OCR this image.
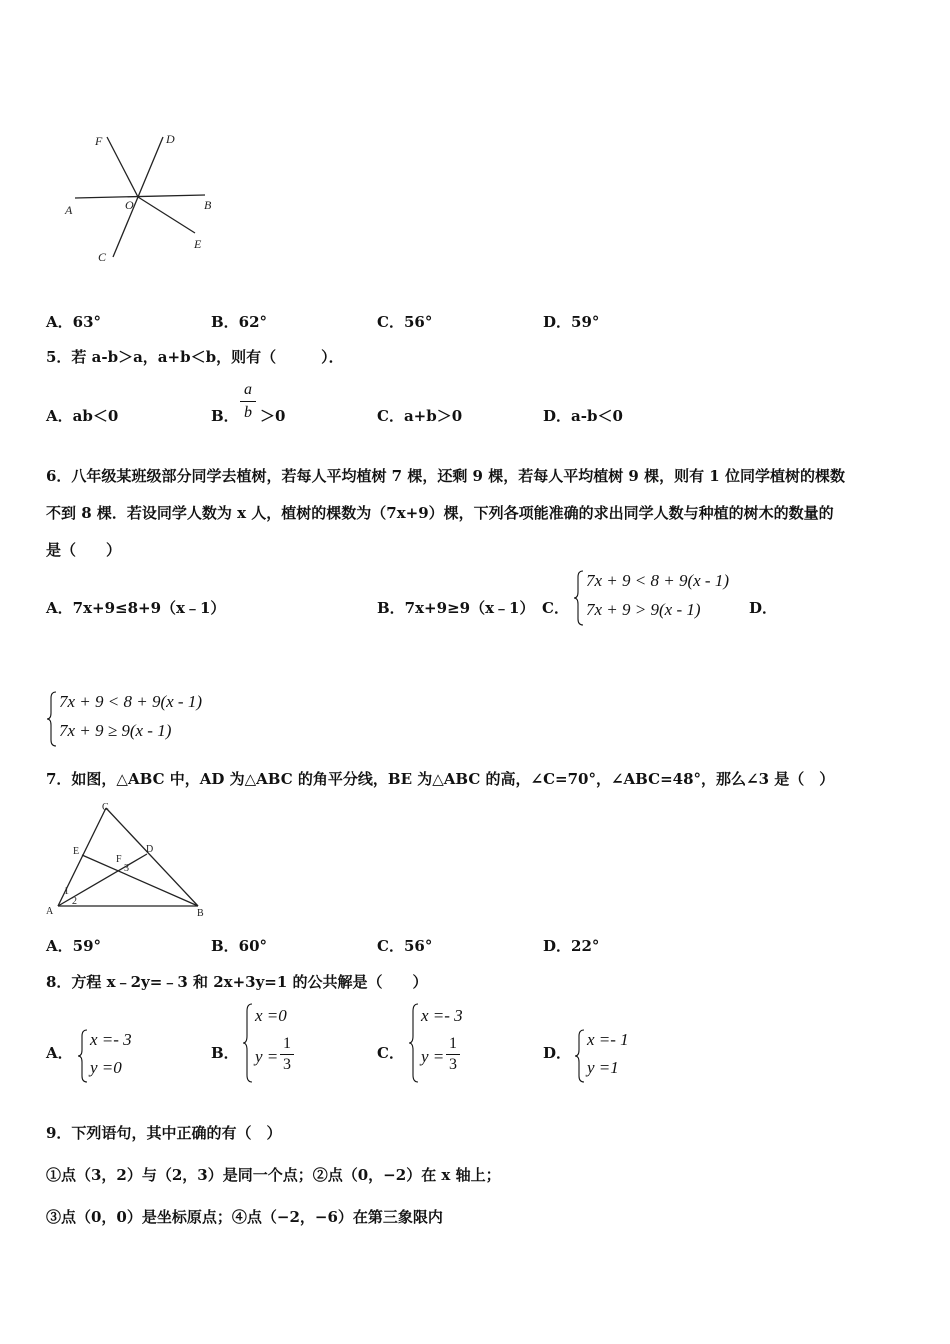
F	D
A	O	B
C
E
A．63°	B．62°	C．56°	D．59°
5．若 a-b＞a，a+b＜b，则有（　　　）．
A．ab＜0	B．
a
b ＞0	C．a+b＞0	D．a-b＜0
6．八年级某班级部分同学去植树，若每人平均植树 7 棵，还剩 9 棵，若每人平均植树 9 棵，则有 1 位同学植树的棵数
不到 8 棵．若设同学人数为 x 人，植树的棵数为（7x+9）棵，下列各项能准确的求出同学人数与种植的树木的数量的
是（　　）
A．7x+9≤8+9（x﹣1）	B．7x+9≥9（x﹣1） C．
7x + 9 < 8 + 9(x - 1)
7x + 9 > 9(x - 1)	D．
7x + 9 < 8 + 9(x - 1)
7x + 9 ≥ 9(x - 1)
7．如图，△ABC 中，AD 为△ABC 的角平分线，BE 为△ABC 的高，∠C=70°，∠ABC=48°，那么∠3 是（　）
C
E	D
F
3
1
2
A	B
A．59°	B．60°	C．56°	D．22°
8．方程 x﹣2y=﹣3 和 2x+3y=1 的公共解是（　　）
A．
x =- 3
y =0
B．
x =0
y =
1
3
C．
x =- 3
y =
1
3
D．
x =- 1
y =1
9．下列语句，其中正确的有（　）
①点（3，2）与（2，3）是同一个点；②点（0，−2）在 x 轴上；
③点（0，0）是坐标原点；④点（−2，−6）在第三象限内
